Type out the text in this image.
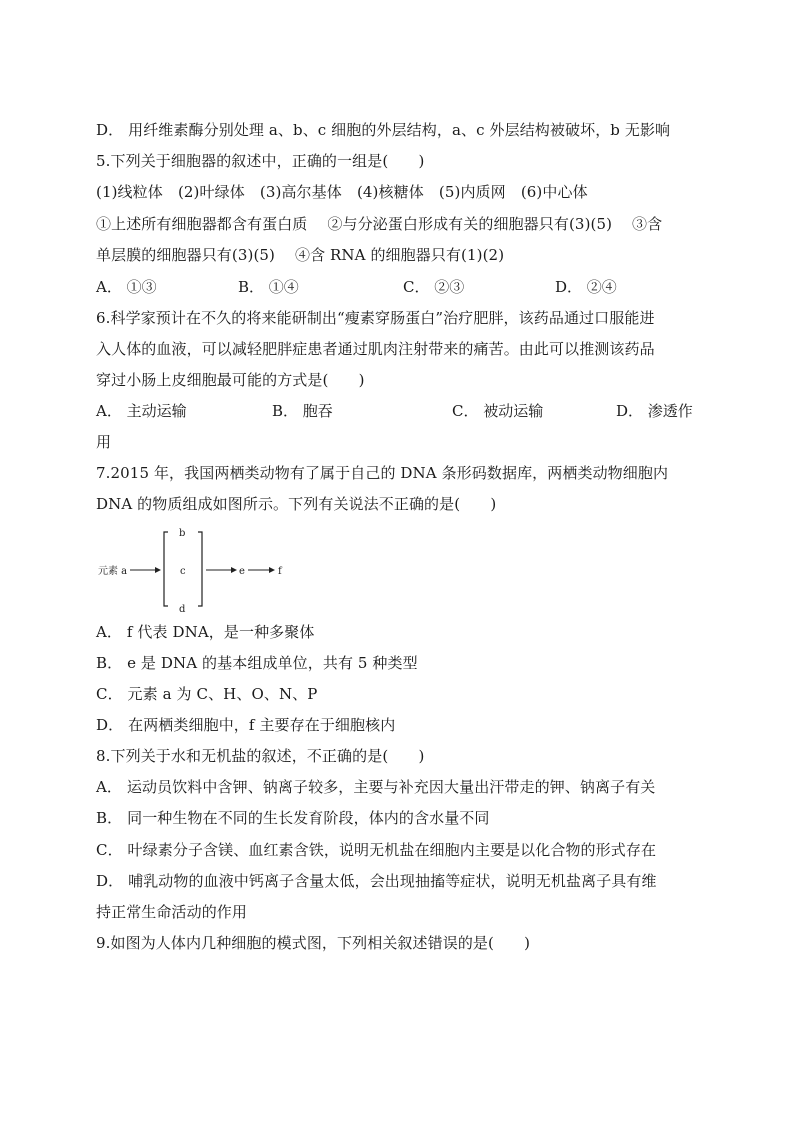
D． 用纤维素酶分别处理 a、b、c 细胞的外层结构，a、c 外层结构被破坏，b 无影响
5.下列关于细胞器的叙述中，正确的一组是(　　)
(1)线粒体　(2)叶绿体　(3)高尔基体　(4)核糖体　(5)内质网　(6)中心体
①上述所有细胞器都含有蛋白质　 ②与分泌蛋白形成有关的细胞器只有(3)(5)　 ③含
单层膜的细胞器只有(3)(5)　 ④含 RNA 的细胞器只有(1)(2)
A． ①③	B． ①④	C． ②③	D． ②④
6.科学家预计在不久的将来能研制出“瘦素穿肠蛋白”治疗肥胖，该药品通过口服能进
入人体的血液，可以减轻肥胖症患者通过肌肉注射带来的痛苦。由此可以推测该药品
穿过小肠上皮细胞最可能的方式是(　　)
A． 主动运输	B． 胞吞	C． 被动运输	D． 渗透作
用
7.2015 年，我国两栖类动物有了属于自己的 DNA 条形码数据库，两栖类动物细胞内
DNA 的物质组成如图所示。下列有关说法不正确的是(　　)
元素 a
b
c
d
e	f
A． f 代表 DNA，是一种多聚体
B． e 是 DNA 的基本组成单位，共有 5 种类型
C． 元素 a 为 C、H、O、N、P
D． 在两栖类细胞中，f 主要存在于细胞核内
8.下列关于水和无机盐的叙述，不正确的是(　　)
A． 运动员饮料中含钾、钠离子较多，主要与补充因大量出汗带走的钾、钠离子有关
B． 同一种生物在不同的生长发育阶段，体内的含水量不同
C． 叶绿素分子含镁、血红素含铁，说明无机盐在细胞内主要是以化合物的形式存在
D． 哺乳动物的血液中钙离子含量太低，会出现抽搐等症状，说明无机盐离子具有维
持正常生命活动的作用
9.如图为人体内几种细胞的模式图，下列相关叙述错误的是(　　)
